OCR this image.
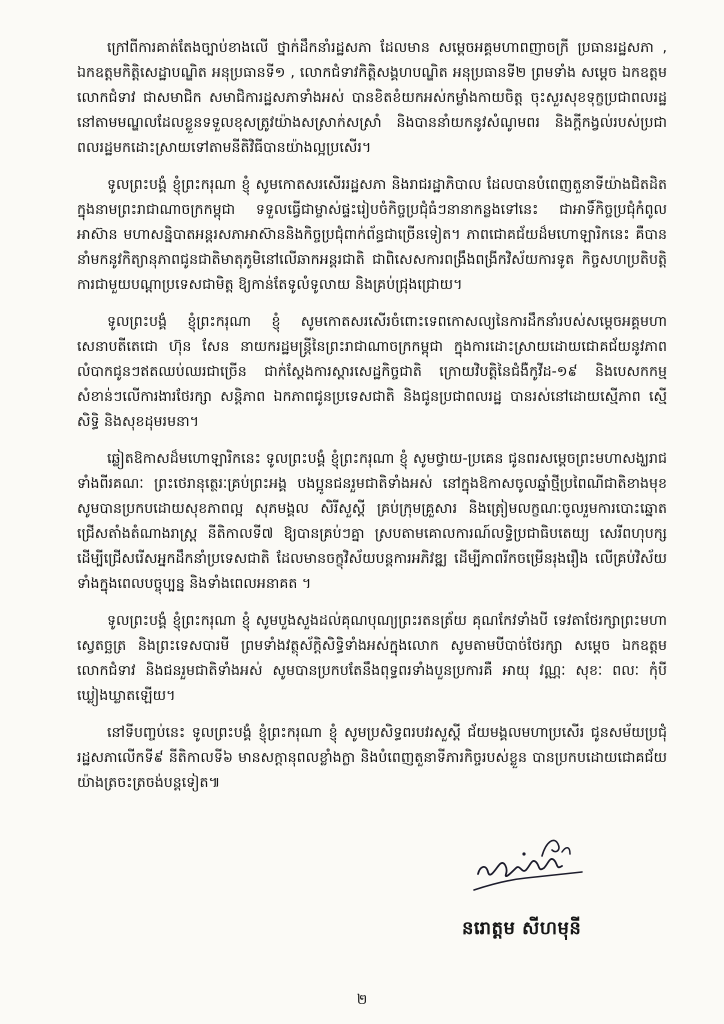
ក្រៅពីការគាត់តែងច្បាប់ខាងលើ ថ្នាក់ដឹកនាំរដ្ឋសភា ដែលមាន សម្តេចអគ្គមហាពញាចក្រី ប្រធានរដ្ឋសភា , ឯកឧត្តមកិត្តិសេដ្ឋាបណ្ឌិត អនុប្រធានទី១ , លោកជំទាវកិត្តិសង្គហបណ្ឌិត អនុប្រធានទី២ ព្រមទាំង សម្តេច ឯកឧត្តម លោកជំទាវ ជាសមាជិក សមាជិការដ្ឋសភាទាំងអស់ បានខិតខំយកអស់កម្លាំងកាយចិត្ត ចុះសួរសុខទុក្ខប្រជាពលរដ្ឋ នៅតាមមណ្ឌលដែលខ្លួនទទួលខុសត្រូវយ៉ាងសស្រាក់សស្រាំ និងបាននាំយកនូវសំណូមពរ និងក្តីកង្វល់របស់ប្រជាពលរដ្ឋមកដោះស្រាយទៅតាមនីតិវិធីបានយ៉ាងល្អប្រសើរ។

ទូលព្រះបង្គំ ខ្ញុំព្រះករុណា ខ្ញុំ សូមកោតសរសើររដ្ឋសភា និងរាជរដ្ឋាភិបាល ដែលបានបំពេញតួនាទីយ៉ាងជិតដិត ក្នុងនាមព្រះរាជាណាចក្រកម្ពុជា ទទួលធ្វើជាម្ចាស់ផ្ទះរៀបចំកិច្ចប្រជុំធំៗនានាកន្លងទៅនេះ ជាអាទិ៍កិច្ចប្រជុំកំពូលអាស៊ាន មហាសន្និបាតអន្តរសភាអាស៊ាននិងកិច្ចប្រជុំពាក់ព័ន្ធជាច្រើនទៀត។ ភាពជោគជ័យដ៏មហោឡារិកនេះ គឺបាននាំមកនូវកិត្យានុភាពជូនជាតិមាតុភូមិនៅលើឆាកអន្តរជាតិ ជាពិសេសការពង្រឹងពង្រីកវិស័យការទូត កិច្ចសហប្រតិបត្តិការជាមួយបណ្តាប្រទេសជាមិត្ត ឱ្យកាន់តែទូលំទូលាយ និងគ្រប់ជ្រុងជ្រោយ។

ទូលព្រះបង្គំ ខ្ញុំព្រះករុណា ខ្ញុំ សូមកោតសរសើរចំពោះទេពកោសល្យនៃការដឹកនាំរបស់សម្តេចអគ្គមហាសេនាបតីតេជោ ហ៊ុន សែន នាយករដ្ឋមន្ត្រីនៃព្រះរាជាណាចក្រកម្ពុជា ក្នុងការដោះស្រាយដោយជោគជ័យនូវភាពលំបាកជូនៗឥតឈប់ឈរជាច្រើន ជាក់ស្តែងការស្តារសេដ្ឋកិច្ចជាតិ ក្រោយវិបត្តិនៃជំងឺកូវីដ-១៩ និងបេសកកម្មសំខាន់ៗលើការងារថែរក្សា សន្តិភាព ឯកភាពជូនប្រទេសជាតិ និងជូនប្រជាពលរដ្ឋ បានរស់នៅដោយស្មើភាព ស្មើសិទ្ធិ និងសុខដុមរមនា។

ឆ្លៀតឱកាសដ៏មហោឡារិកនេះ ទូលព្រះបង្គំ ខ្ញុំព្រះករុណា ខ្ញុំ សូមថ្វាយ-ប្រគេន ជូនពរសម្តេចព្រះមហាសង្ឃរាជទាំងពីរគណៈ ព្រះថេរានុត្ថេរៈគ្រប់ព្រះអង្គ បងប្អូនជនរួមជាតិទាំងអស់ នៅក្នុងឱកាសចូលឆ្នាំថ្មីប្រពៃណីជាតិខាងមុខ សូមបានប្រកបដោយសុខភាពល្អ សុភមង្គល សិរីសួស្តី គ្រប់ក្រុមគ្រួសារ និងត្រៀមលក្ខណៈចូលរួមការបោះឆ្នោតជ្រើសតាំងតំណាងរាស្ត្រ នីតិកាលទី៧ ឱ្យបានគ្រប់ៗគ្នា ស្របតាមគោលការណ៍លទ្ធិប្រជាធិបតេយ្យ សេរីពហុបក្ស ដើម្បីជ្រើសរើសអ្នកដឹកនាំប្រទេសជាតិ ដែលមានចក្ខុវិស័យបន្តការអភិវឌ្ឍ ដើម្បីភាពរីកចម្រើនរុងរឿង លើគ្រប់វិស័យ ទាំងក្នុងពេលបច្ចុប្បន្ន និងទាំងពេលអនាគត ។

ទូលព្រះបង្គំ ខ្ញុំព្រះករុណា ខ្ញុំ សូមបួងសួងដល់គុណបុណ្យព្រះរតនត្រ័យ គុណកែវទាំងបី ទេវតាថែរក្សាព្រះមហាស្វេតច្ឆត្រ និងព្រះទេសបារមី ព្រមទាំងវត្ថុស័ក្តិសិទ្ធិទាំងអស់ក្នុងលោក សូមតាមបីបាច់ថែរក្សា សម្តេច ឯកឧត្តម លោកជំទាវ និងជនរួមជាតិទាំងអស់ សូមបានប្រកបតែនឹងពុទ្ធពរទាំងបួនប្រការគឺ អាយុ វណ្ណៈ សុខៈ ពលៈ កុំបីឃ្លៀងឃ្លាតឡើយ។

នៅទីបញ្ចប់នេះ ទូលព្រះបង្គំ ខ្ញុំព្រះករុណា ខ្ញុំ សូមប្រសិទ្ធពរបវរសួស្តី ជ័យមង្គលមហាប្រសើរ ជូនសម័យប្រជុំរដ្ឋសភាលើកទី៩ នីតិកាលទី៦ មានសក្តានុពលខ្លាំងក្លា និងបំពេញតួនាទីភារកិច្ចរបស់ខ្លួន បានប្រកបដោយជោគជ័យយ៉ាងត្រចះត្រចង់បន្តទៀត៕

នរោត្តម សីហមុនី
២
